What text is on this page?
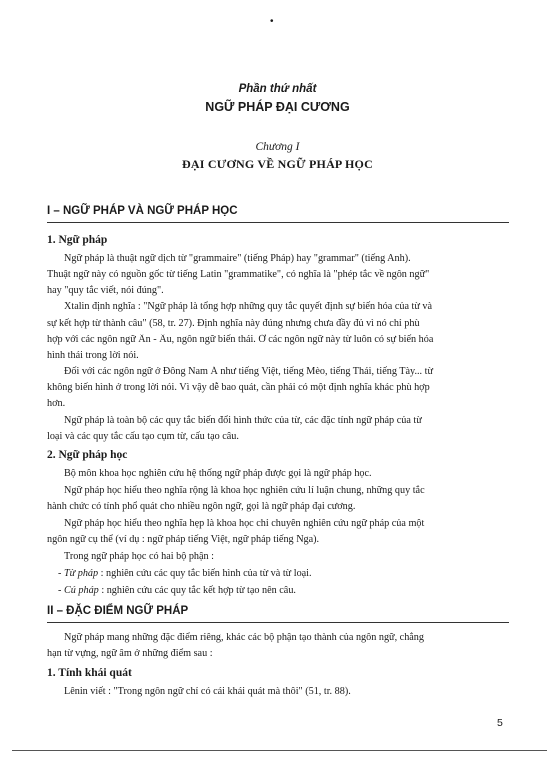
•
Phần thứ nhất
NGỮ PHÁP ĐẠI CƯƠNG
Chương I
ĐẠI CƯƠNG VỀ NGỮ PHÁP HỌC
I – NGỮ PHÁP VÀ NGỮ PHÁP HỌC
1. Ngữ pháp
Ngữ pháp là thuật ngữ dịch từ "grammaire" (tiếng Pháp) hay "grammar" (tiếng Anh).
Thuật ngữ này có nguồn gốc từ tiếng Latin "grammatike", có nghĩa là "phép tắc về ngôn ngữ"
hay "quy tắc viết, nói đúng".
Xtalin định nghĩa : "Ngữ pháp là tổng hợp những quy tắc quyết định sự biến hóa của từ và
sự kết hợp từ thành câu" (58, tr. 27). Định nghĩa này đúng nhưng chưa đầy đủ vì nó chỉ phù
hợp với các ngôn ngữ Ấn - Âu, ngôn ngữ biến thái. Ở các ngôn ngữ này từ luôn có sự biến hóa
hình thái trong lời nói.
Đối với các ngôn ngữ ở Đông Nam Á như tiếng Việt, tiếng Mèo, tiếng Thái, tiếng Tày... từ
không biến hình ở trong lời nói. Vì vậy dễ bao quát, cần phải có một định nghĩa khác phù hợp
hơn.
Ngữ pháp là toàn bộ các quy tắc biến đổi hình thức của từ, các đặc tính ngữ pháp của từ
loại và các quy tắc cấu tạo cụm từ, cấu tạo câu.
2. Ngữ pháp học
Bộ môn khoa học nghiên cứu hệ thống ngữ pháp được gọi là ngữ pháp học.
Ngữ pháp học hiểu theo nghĩa rộng là khoa học nghiên cứu lí luận chung, những quy tắc
hành chức có tính phổ quát cho nhiều ngôn ngữ, gọi là ngữ pháp đại cương.
Ngữ pháp học hiểu theo nghĩa hẹp là khoa học chỉ chuyên nghiên cứu ngữ pháp của một
ngôn ngữ cụ thể (ví dụ : ngữ pháp tiếng Việt, ngữ pháp tiếng Nga).
Trong ngữ pháp học có hai bộ phận :
- Từ pháp : nghiên cứu các quy tắc biến hình của từ và từ loại.
- Cú pháp : nghiên cứu các quy tắc kết hợp từ tạo nên câu.
II – ĐẶC ĐIỂM NGỮ PHÁP
Ngữ pháp mang những đặc điểm riêng, khác các bộ phận tạo thành của ngôn ngữ, chẳng
hạn từ vựng, ngữ âm ở những điểm sau :
1. Tính khái quát
Lênin viết : "Trong ngôn ngữ chỉ có cái khái quát mà thôi" (51, tr. 88).
5
